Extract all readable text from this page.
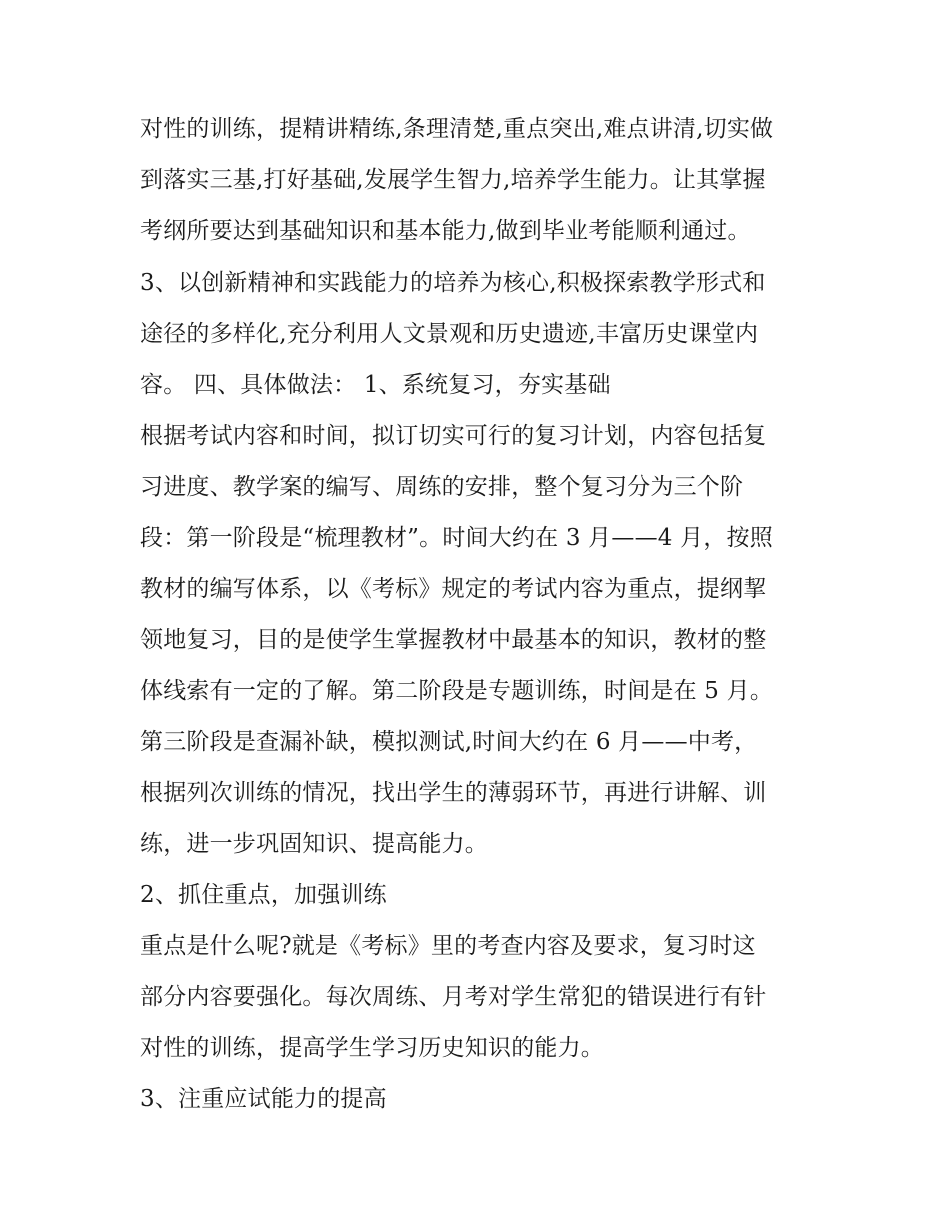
对性的训练，提精讲精练,条理清楚,重点突出,难点讲清,切实做
到落实三基,打好基础,发展学生智力,培养学生能力。让其掌握
考纲所要达到基础知识和基本能力,做到毕业考能顺利通过。
3、以创新精神和实践能力的培养为核心,积极探索教学形式和
途径的多样化,充分利用人文景观和历史遗迹,丰富历史课堂内
容。 四、具体做法： 1、系统复习，夯实基础
根据考试内容和时间，拟订切实可行的复习计划，内容包括复
习进度、教学案的编写、周练的安排，整个复习分为三个阶
段：第一阶段是“梳理教材”。时间大约在 3 月——4 月，按照
教材的编写体系，以《考标》规定的考试内容为重点，提纲挈
领地复习，目的是使学生掌握教材中最基本的知识，教材的整
体线索有一定的了解。第二阶段是专题训练，时间是在 5 月。
第三阶段是查漏补缺，模拟测试,时间大约在 6 月——中考，
根据列次训练的情况，找出学生的薄弱环节，再进行讲解、训
练，进一步巩固知识、提高能力。
2、抓住重点，加强训练
重点是什么呢?就是《考标》里的考查内容及要求，复习时这
部分内容要强化。每次周练、月考对学生常犯的错误进行有针
对性的训练，提高学生学习历史知识的能力。
3、注重应试能力的提高
